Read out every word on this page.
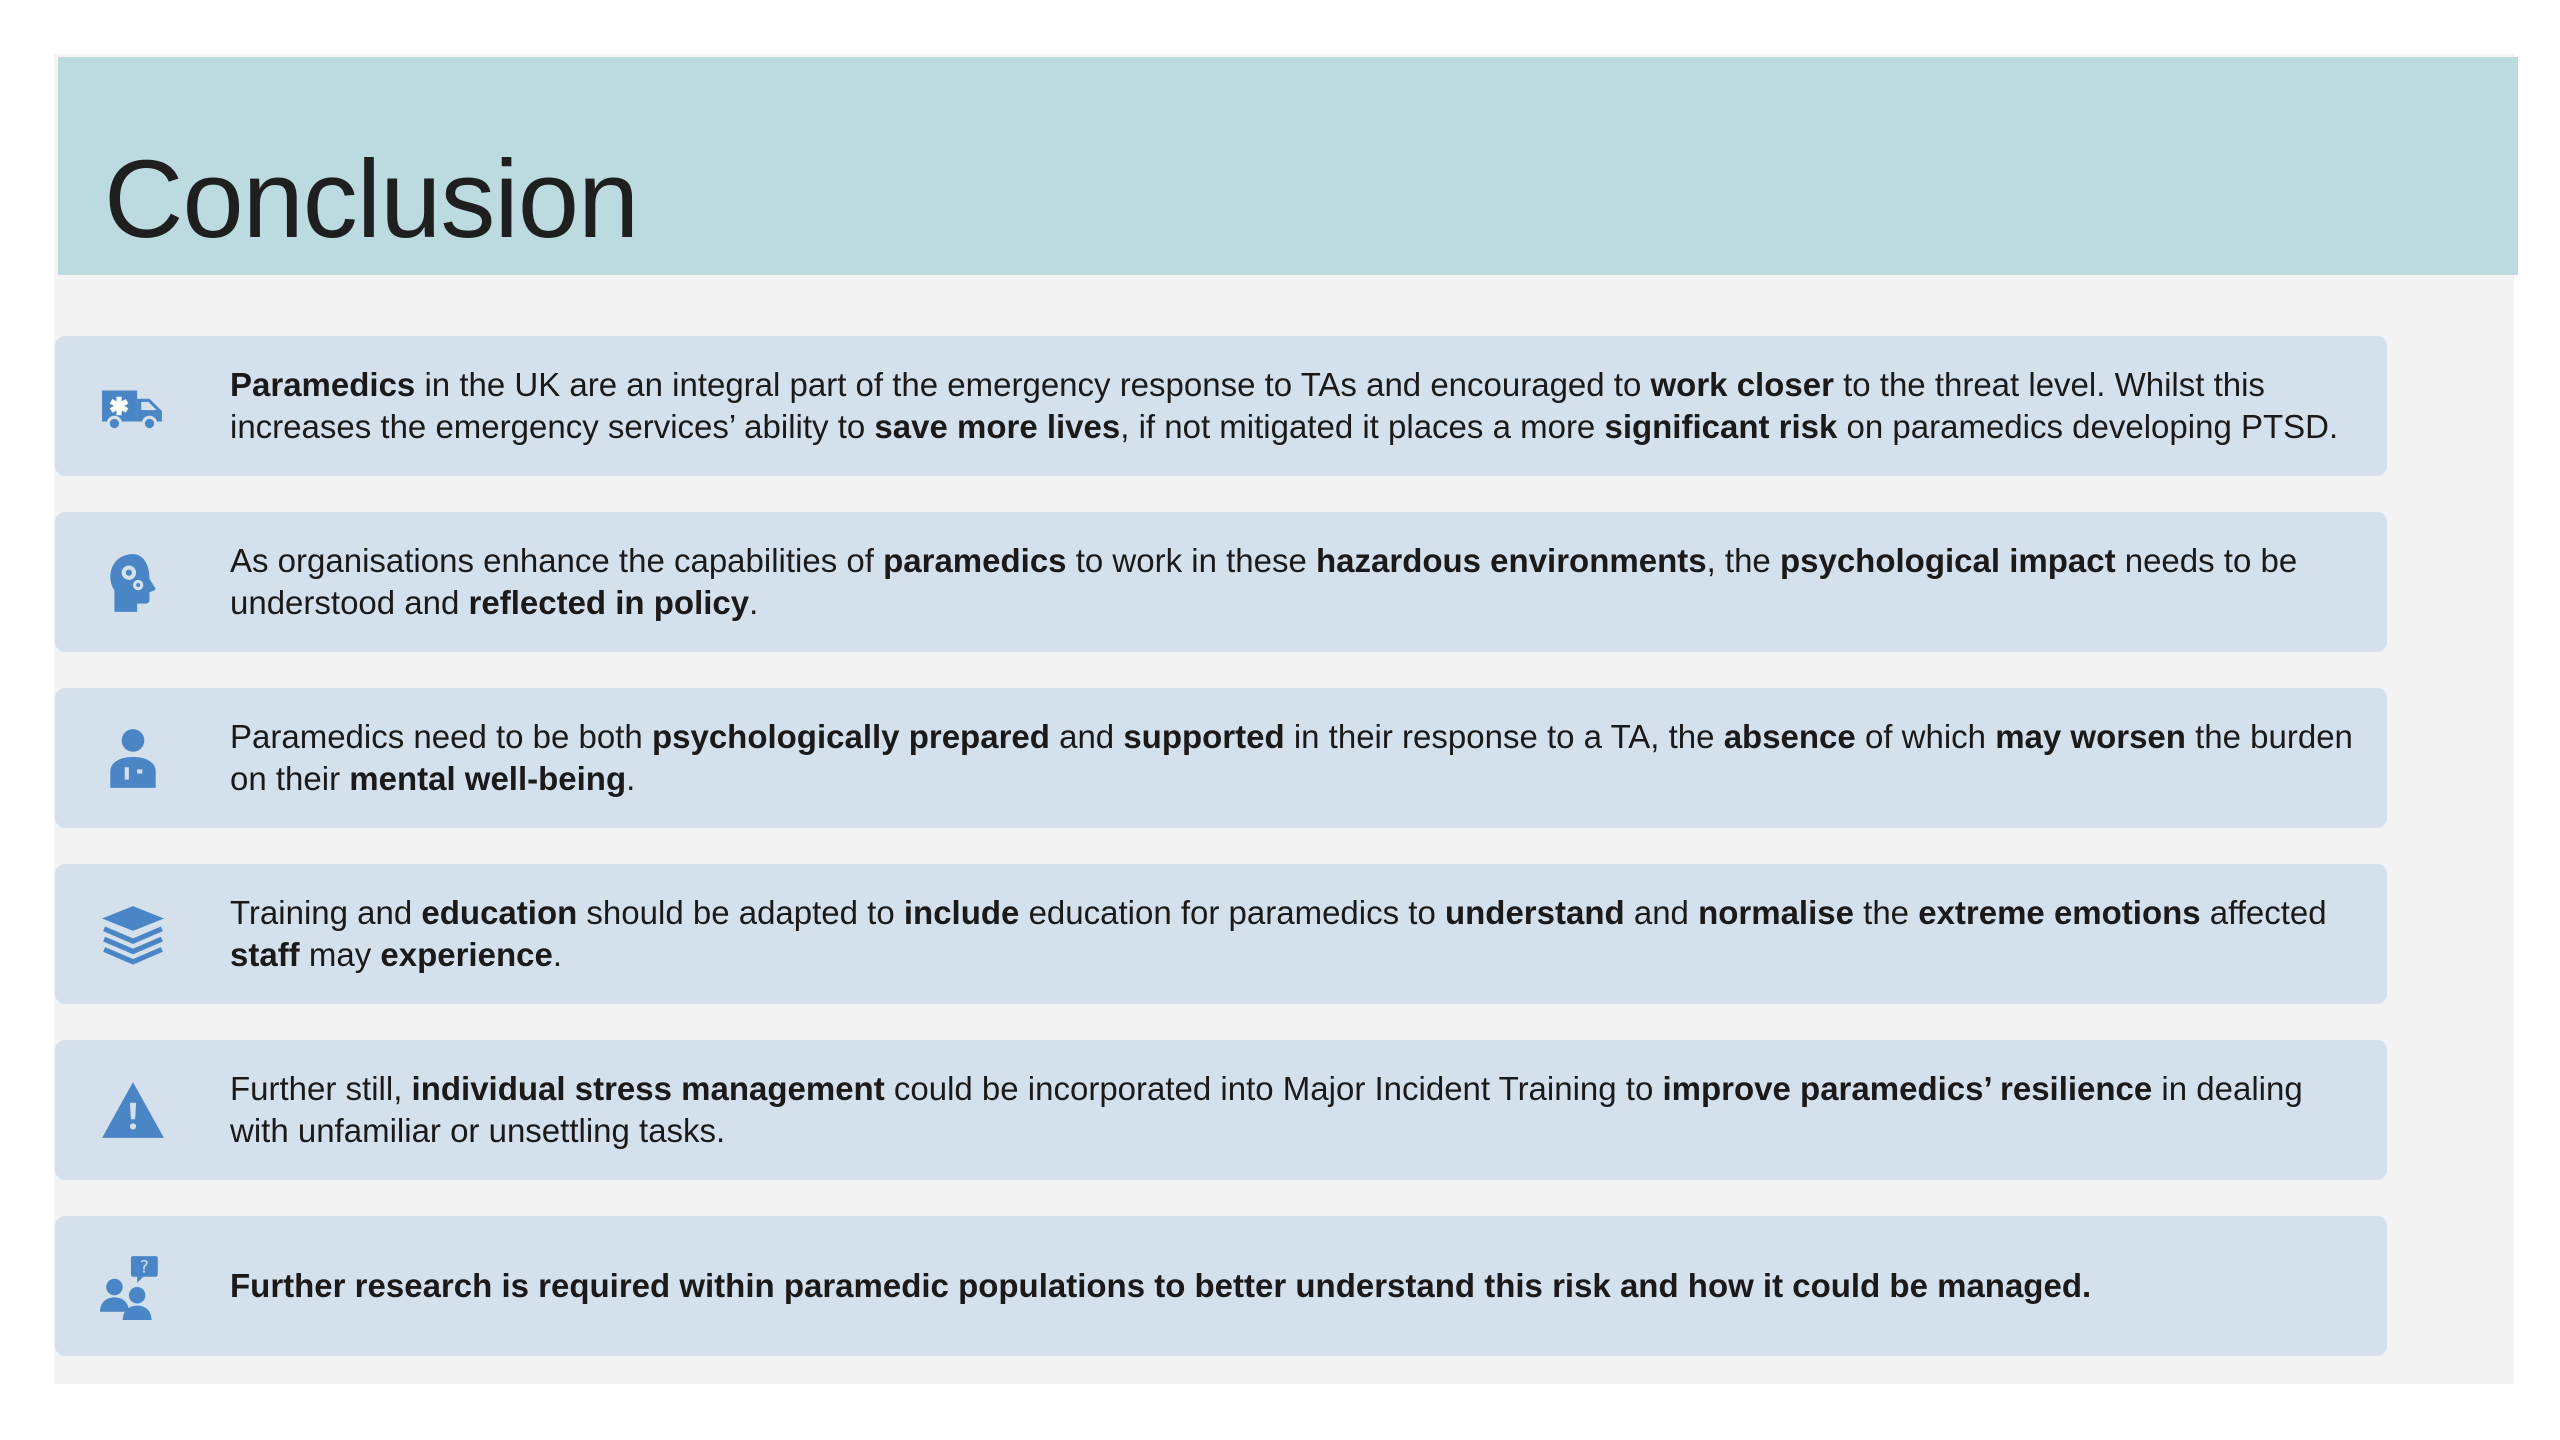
Conclusion

Paramedics in the UK are an integral part of the emergency response to TAs and encouraged to work closer to the threat level. Whilst this increases the emergency services’ ability to save more lives, if not mitigated it places a more significant risk on paramedics developing PTSD.

As organisations enhance the capabilities of paramedics to work in these hazardous environments, the psychological impact needs to be understood and reflected in policy.

Paramedics need to be both psychologically prepared and supported in their response to a TA, the absence of which may worsen the burden on their mental well-being.

Training and education should be adapted to include education for paramedics to understand and normalise the extreme emotions affected staff may experience.

Further still, individual stress management could be incorporated into Major Incident Training to improve paramedics’ resilience in dealing with unfamiliar or unsettling tasks.

Further research is required within paramedic populations to better understand this risk and how it could be managed.
